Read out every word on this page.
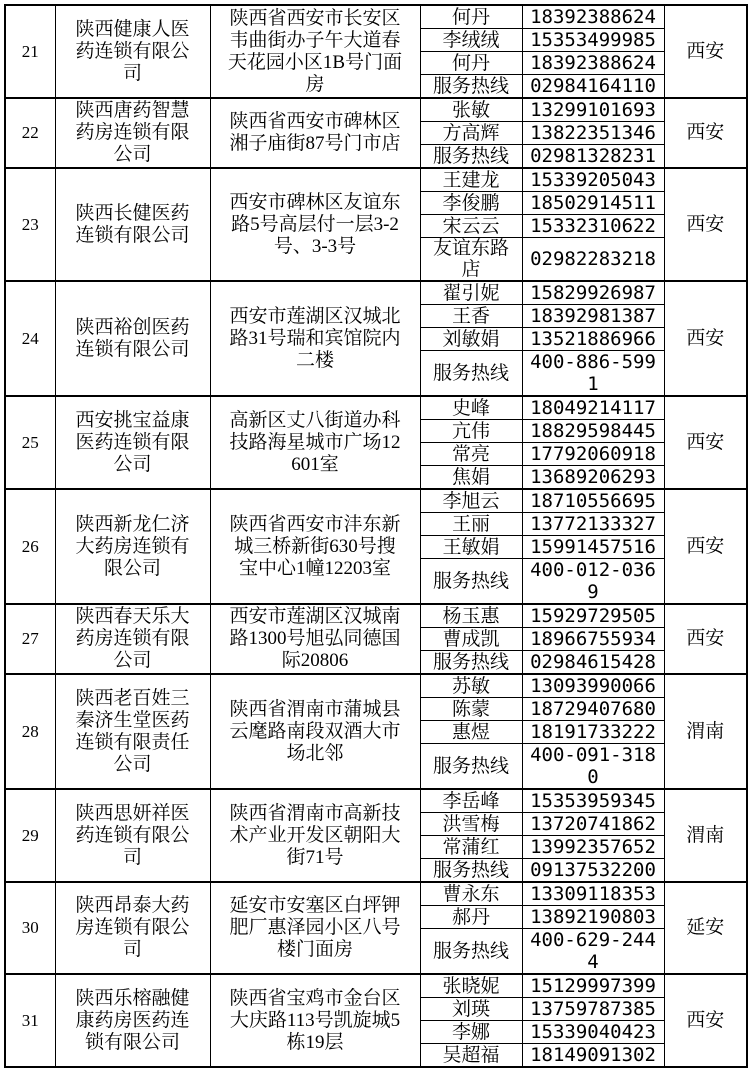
21	陕西健康人医药连锁有限公司	陕西省西安市长安区韦曲街办子午大道春天花园小区1B号门面房	何丹	18392388624	西安
			李绒绒	15353499985	
			何丹	18392388624	
			服务热线	02984164110	
22	陕西唐药智慧药房连锁有限公司	陕西省西安市碑林区湘子庙街87号门市店	张敏	13299101693	西安
			方高辉	13822351346	
			服务热线	02981328231	
23	陕西长健医药连锁有限公司	西安市碑林区友谊东路5号高层付一层3-2号、3-3号	王建龙	15339205043	西安
			李俊鹏	18502914511	
			宋云云	15332310622	
			友谊东路店	02982283218	
24	陕西裕创医药连锁有限公司	西安市莲湖区汉城北路31号瑞和宾馆院内二楼	翟引妮	15829926987	西安
			王香	18392981387	
			刘敏娟	13521886966	
			服务热线	400-886-5991	
25	西安挑宝益康医药连锁有限公司	高新区丈八街道办科技路海星城市广场12601室	史峰	18049214117	西安
			亢伟	18829598445	
			常亮	17792060918	
			焦娟	13689206293	
26	陕西新龙仁济大药房连锁有限公司	陕西省西安市沣东新城三桥新街630号搜宝中心1幢12203室	李旭云	18710556695	西安
			王丽	13772133327	
			王敏娟	15991457516	
			服务热线	400-012-0369	
27	陕西春天乐大药房连锁有限公司	西安市莲湖区汉城南路1300号旭弘同德国际20806	杨玉惠	15929729505	西安
			曹成凯	18966755934	
			服务热线	02984615428	
28	陕西老百姓三秦济生堂医药连锁有限责任公司	陕西省渭南市蒲城县云麾路南段双酒大市场北邻	苏敏	13093990066	渭南
			陈蒙	18729407680	
			惠煜	18191733222	
			服务热线	400-091-3180	
29	陕西思妍祥医药连锁有限公司	陕西省渭南市高新技术产业开发区朝阳大街71号	李岳峰	15353959345	渭南
			洪雪梅	13720741862	
			常蒲红	13992357652	
			服务热线	09137532200	
30	陕西昂泰大药房连锁有限公司	延安市安塞区白坪钾肥厂惠泽园小区八号楼门面房	曹永东	13309118353	延安
			郝丹	13892190803	
			服务热线	400-629-2444	
31	陕西乐榕融健康药房医药连锁有限公司	陕西省宝鸡市金台区大庆路113号凯旋城5栋19层	张晓妮	15129997399	西安
			刘瑛	13759787385	
			李娜	15339040423	
			吴超福	18149091302	
